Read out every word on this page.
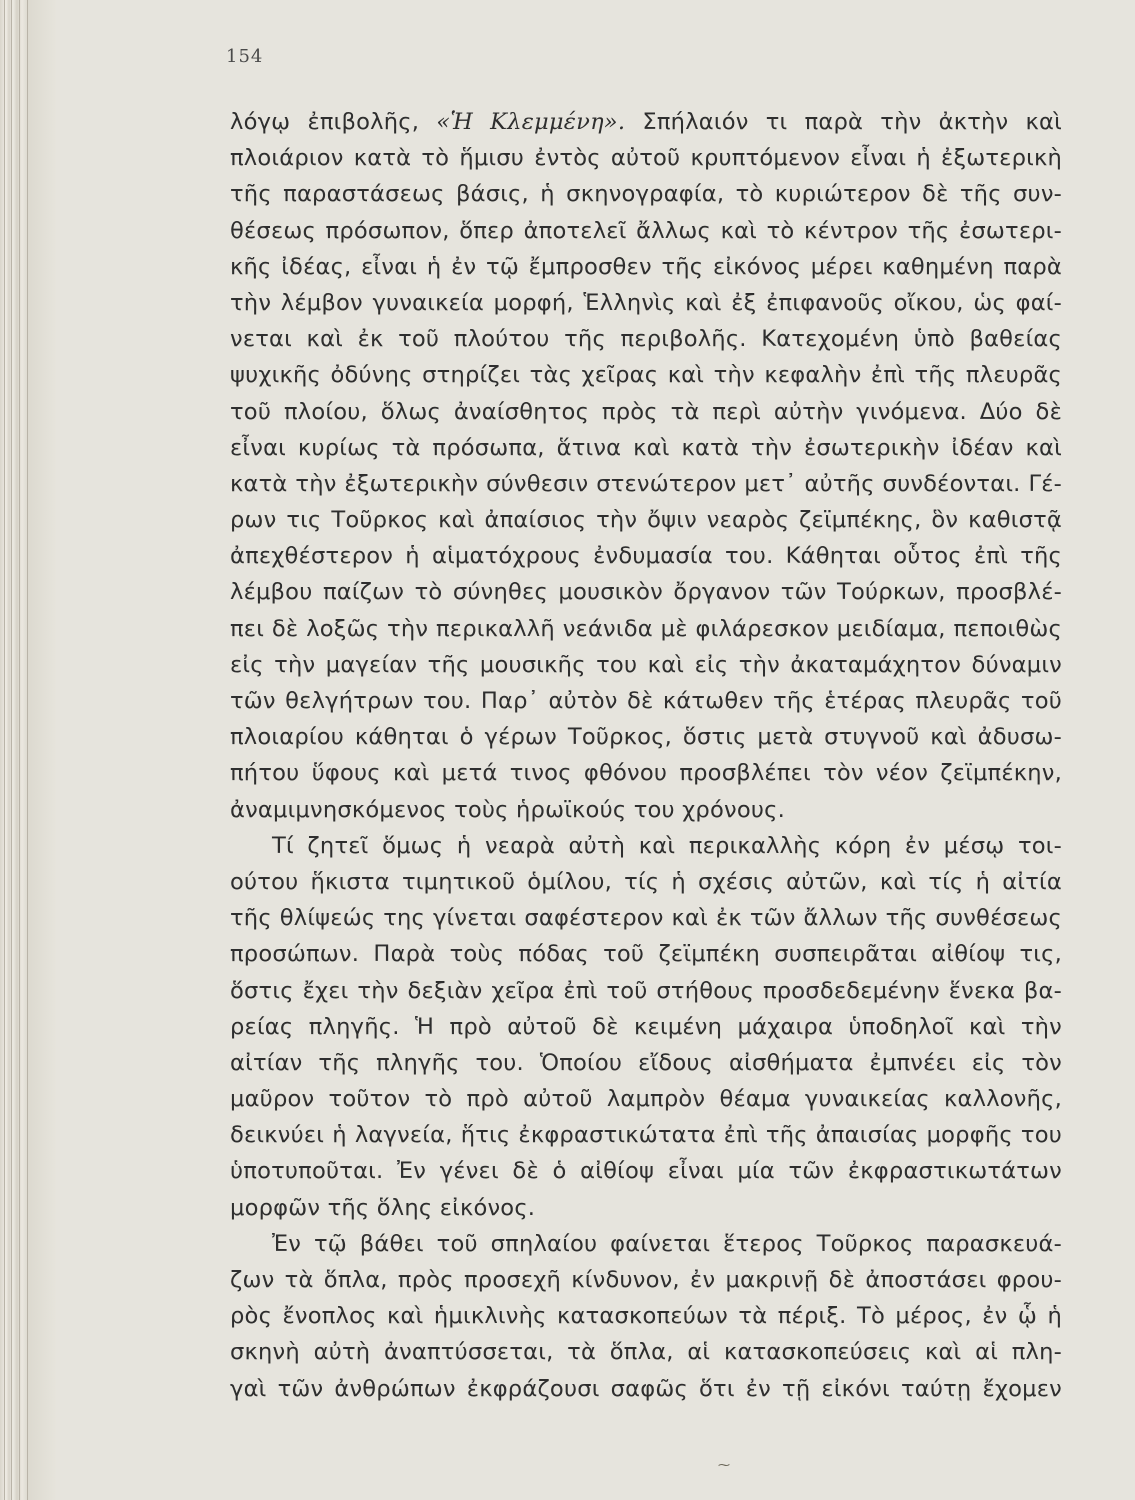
154
λόγῳ ἐπιβολῆς, «Ἡ Κλεμμένη». Σπήλαιόν τι παρὰ τὴν ἀκτὴν καὶ
πλοιάριον κατὰ τὸ ἥμισυ ἐντὸς αὐτοῦ κρυπτόμενον εἶναι ἡ ἐξωτερικὴ
τῆς παραστάσεως βάσις, ἡ σκηνογραφία, τὸ κυριώτερον δὲ τῆς συν-
θέσεως πρόσωπον, ὅπερ ἀποτελεῖ ἄλλως καὶ τὸ κέντρον τῆς ἐσωτερι-
κῆς ἰδέας, εἶναι ἡ ἐν τῷ ἔμπροσθεν τῆς εἰκόνος μέρει καθημένη παρὰ
τὴν λέμβον γυναικεία μορφή, Ἑλληνὶς καὶ ἐξ ἐπιφανοῦς οἴκου, ὡς φαί-
νεται καὶ ἐκ τοῦ πλούτου τῆς περιβολῆς. Κατεχομένη ὑπὸ βαθείας
ψυχικῆς ὀδύνης στηρίζει τὰς χεῖρας καὶ τὴν κεφαλὴν ἐπὶ τῆς πλευρᾶς
τοῦ πλοίου, ὅλως ἀναίσθητος πρὸς τὰ περὶ αὐτὴν γινόμενα. Δύο δὲ
εἶναι κυρίως τὰ πρόσωπα, ἅτινα καὶ κατὰ τὴν ἐσωτερικὴν ἰδέαν καὶ
κατὰ τὴν ἐξωτερικὴν σύνθεσιν στενώτερον μετ᾽ αὐτῆς συνδέονται. Γέ-
ρων τις Τοῦρκος καὶ ἀπαίσιος τὴν ὄψιν νεαρὸς ζεϊμπέκης, ὃν καθιστᾷ
ἀπεχθέστερον ἡ αἱματόχρους ἐνδυμασία του. Κάθηται οὗτος ἐπὶ τῆς
λέμβου παίζων τὸ σύνηθες μουσικὸν ὄργανον τῶν Τούρκων, προσβλέ-
πει δὲ λοξῶς τὴν περικαλλῆ νεάνιδα μὲ φιλάρεσκον μειδίαμα, πεποιθὼς
εἰς τὴν μαγείαν τῆς μουσικῆς του καὶ εἰς τὴν ἀκαταμάχητον δύναμιν
τῶν θελγήτρων του. Παρ᾽ αὐτὸν δὲ κάτωθεν τῆς ἑτέρας πλευρᾶς τοῦ
πλοιαρίου κάθηται ὁ γέρων Τοῦρκος, ὅστις μετὰ στυγνοῦ καὶ ἀδυσω-
πήτου ὕφους καὶ μετά τινος φθόνου προσβλέπει τὸν νέον ζεϊμπέκην,
ἀναμιμνησκόμενος τοὺς ἡρωϊκούς του χρόνους.
Τί ζητεῖ ὅμως ἡ νεαρὰ αὐτὴ καὶ περικαλλὴς κόρη ἐν μέσῳ τοι-
ούτου ἥκιστα τιμητικοῦ ὁμίλου, τίς ἡ σχέσις αὐτῶν, καὶ τίς ἡ αἰτία
τῆς θλίψεώς της γίνεται σαφέστερον καὶ ἐκ τῶν ἄλλων τῆς συνθέσεως
προσώπων. Παρὰ τοὺς πόδας τοῦ ζεϊμπέκη συσπειρᾶται αἰθίοψ τις,
ὅστις ἔχει τὴν δεξιὰν χεῖρα ἐπὶ τοῦ στήθους προσδεδεμένην ἕνεκα βα-
ρείας πληγῆς. Ἡ πρὸ αὐτοῦ δὲ κειμένη μάχαιρα ὑποδηλοῖ καὶ τὴν
αἰτίαν τῆς πληγῆς του. Ὁποίου εἴδους αἰσθήματα ἐμπνέει εἰς τὸν
μαῦρον τοῦτον τὸ πρὸ αὐτοῦ λαμπρὸν θέαμα γυναικείας καλλονῆς,
δεικνύει ἡ λαγνεία, ἥτις ἐκφραστικώτατα ἐπὶ τῆς ἀπαισίας μορφῆς του
ὑποτυποῦται. Ἐν γένει δὲ ὁ αἰθίοψ εἶναι μία τῶν ἐκφραστικωτάτων
μορφῶν τῆς ὅλης εἰκόνος.
Ἐν τῷ βάθει τοῦ σπηλαίου φαίνεται ἕτερος Τοῦρκος παρασκευά-
ζων τὰ ὅπλα, πρὸς προσεχῆ κίνδυνον, ἐν μακρινῇ δὲ ἀποστάσει φρου-
ρὸς ἔνοπλος καὶ ἡμικλινὴς κατασκοπεύων τὰ πέριξ. Τὸ μέρος, ἐν ᾧ ἡ
σκηνὴ αὐτὴ ἀναπτύσσεται, τὰ ὅπλα, αἱ κατασκοπεύσεις καὶ αἱ πλη-
γαὶ τῶν ἀνθρώπων ἐκφράζουσι σαφῶς ὅτι ἐν τῇ εἰκόνι ταύτῃ ἔχομεν
⁓
